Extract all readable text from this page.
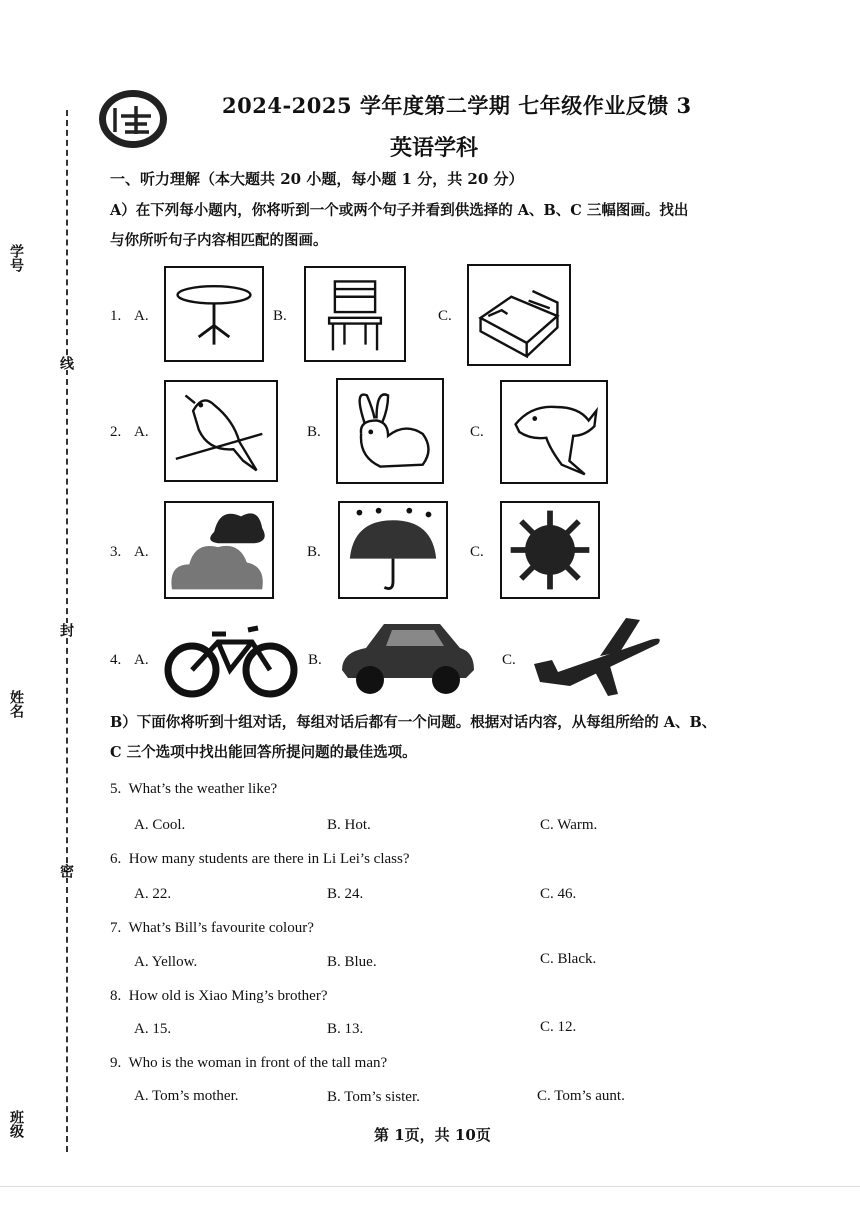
学号
线
封
姓名
密
班级
2024-2025 学年度第二学期 七年级作业反馈 3
英语学科
一、听力理解（本大题共 20 小题，每小题 1 分，共 20 分）
A）在下列每小题内，你将听到一个或两个句子并看到供选择的 A、B、C 三幅图画。找出
与你所听句子内容相匹配的图画。
1. A.	B.	C.
2. A.	B.	C.
3. A.	B.	C.
4. A.	B.	C.
B）下面你将听到十组对话，每组对话后都有一个问题。根据对话内容，从每组所给的 A、B、
C 三个选项中找出能回答所提问题的最佳选项。
5. What’s the weather like?
A. Cool.	B. Hot.	C. Warm.
6. How many students are there in Li Lei’s class?
A. 22.	B. 24.	C. 46.
7. What’s Bill’s favourite colour?
A. Yellow.	B. Blue.	C. Black.
8. How old is Xiao Ming’s brother?
A. 15.	B. 13.	C. 12.
9. Who is the woman in front of the tall man?
A. Tom’s mother.	B. Tom’s sister.	C. Tom’s aunt.
第 1页，共 10页
